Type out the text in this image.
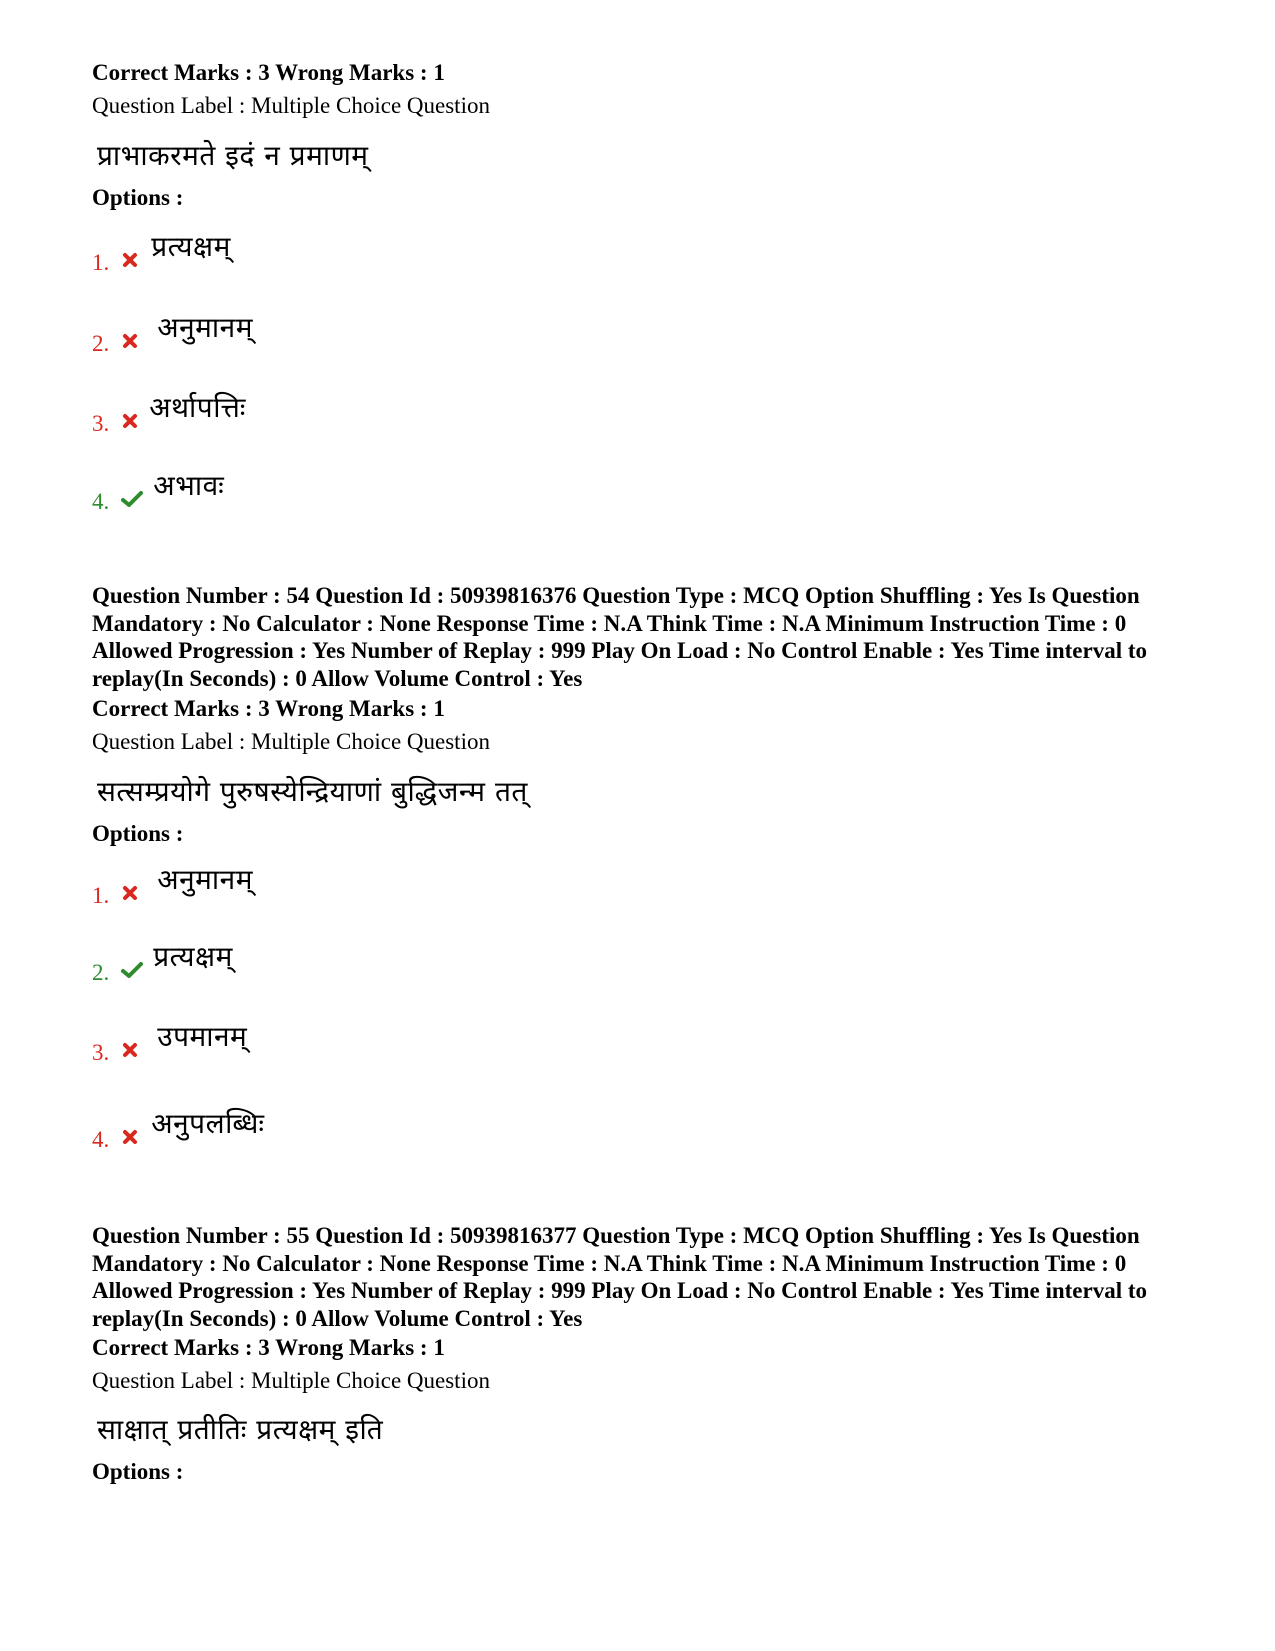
Correct Marks : 3 Wrong Marks : 1
Question Label : Multiple Choice Question
प्राभाकरमते इदं न प्रमाणम्
Options :
1. प्रत्यक्षम्
2. अनुमानम्
3. अर्थापत्तिः
4. अभावः
Question Number : 54 Question Id : 50939816376 Question Type : MCQ Option Shuffling : Yes Is Question Mandatory : No Calculator : None Response Time : N.A Think Time : N.A Minimum Instruction Time : 0 Allowed Progression : Yes Number of Replay : 999 Play On Load : No Control Enable : Yes Time interval to replay(In Seconds) : 0 Allow Volume Control : Yes
Correct Marks : 3 Wrong Marks : 1
Question Label : Multiple Choice Question
सत्सम्प्रयोगे पुरुषस्येन्द्रियाणां बुद्धिजन्म तत्
Options :
1. अनुमानम्
2. प्रत्यक्षम्
3. उपमानम्
4. अनुपलब्धिः
Question Number : 55 Question Id : 50939816377 Question Type : MCQ Option Shuffling : Yes Is Question Mandatory : No Calculator : None Response Time : N.A Think Time : N.A Minimum Instruction Time : 0 Allowed Progression : Yes Number of Replay : 999 Play On Load : No Control Enable : Yes Time interval to replay(In Seconds) : 0 Allow Volume Control : Yes
Correct Marks : 3 Wrong Marks : 1
Question Label : Multiple Choice Question
साक्षात् प्रतीतिः प्रत्यक्षम् इति
Options :
